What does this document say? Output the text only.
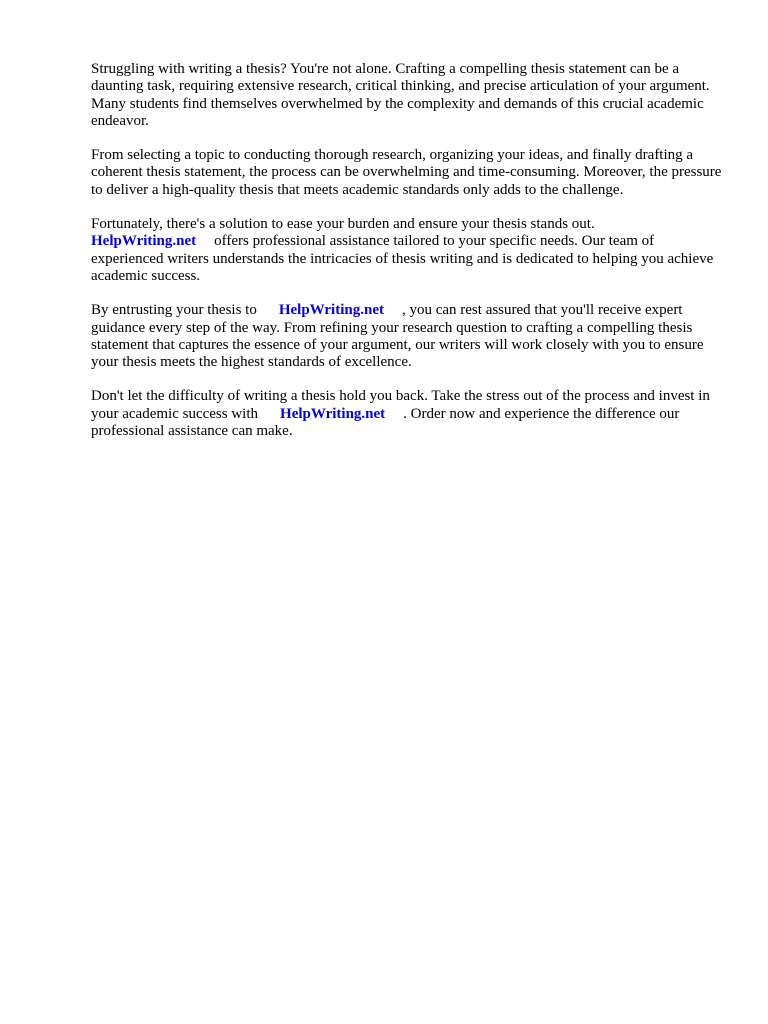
Struggling with writing a thesis? You're not alone. Crafting a compelling thesis statement can be a daunting task, requiring extensive research, critical thinking, and precise articulation of your argument. Many students find themselves overwhelmed by the complexity and demands of this crucial academic endeavor.

From selecting a topic to conducting thorough research, organizing your ideas, and finally drafting a coherent thesis statement, the process can be overwhelming and time-consuming. Moreover, the pressure to deliver a high-quality thesis that meets academic standards only adds to the challenge.

Fortunately, there's a solution to ease your burden and ensure your thesis stands out.
HelpWriting.net offers professional assistance tailored to your specific needs. Our team of experienced writers understands the intricacies of thesis writing and is dedicated to helping you achieve academic success.

By entrusting your thesis to HelpWriting.net , you can rest assured that you'll receive expert guidance every step of the way. From refining your research question to crafting a compelling thesis statement that captures the essence of your argument, our writers will work closely with you to ensure your thesis meets the highest standards of excellence.

Don't let the difficulty of writing a thesis hold you back. Take the stress out of the process and invest in your academic success with HelpWriting.net . Order now and experience the difference our professional assistance can make.
